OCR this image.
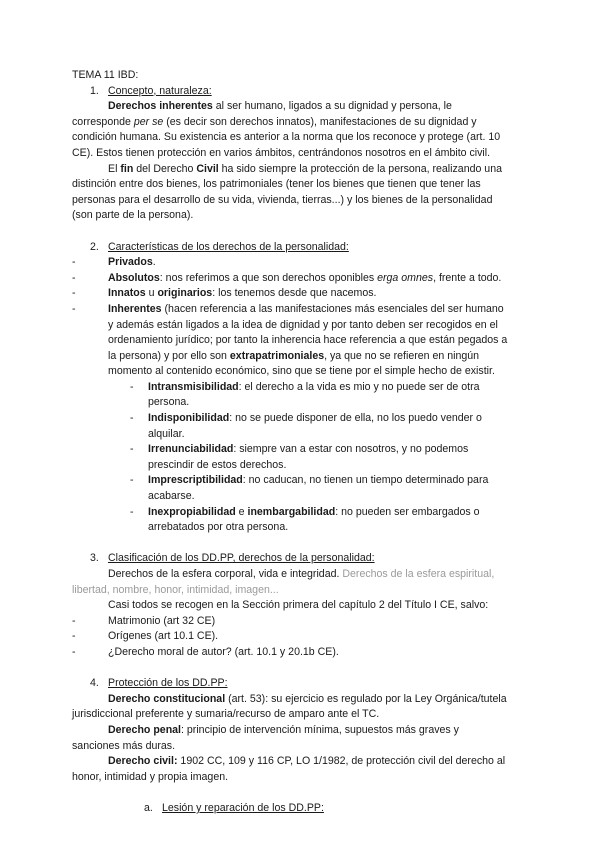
TEMA 11 IBD:
1. Concepto, naturaleza:
Derechos inherentes al ser humano, ligados a su dignidad y persona, le
corresponde per se (es decir son derechos innatos), manifestaciones de su dignidad y
condición humana. Su existencia es anterior a la norma que los reconoce y protege (art. 10
CE). Estos tienen protección en varios ámbitos, centrándonos nosotros en el ámbito civil.
El fin del Derecho Civil ha sido siempre la protección de la persona, realizando una
distinción entre dos bienes, los patrimoniales (tener los bienes que tienen que tener las
personas para el desarrollo de su vida, vivienda, tierras...) y los bienes de la personalidad
(son parte de la persona).
2. Características de los derechos de la personalidad:
-	Privados.
-	Absolutos: nos referimos a que son derechos oponibles erga omnes, frente a todo.
-	Innatos u originarios: los tenemos desde que nacemos.
-	Inherentes (hacen referencia a las manifestaciones más esenciales del ser humano
y además están ligados a la idea de dignidad y por tanto deben ser recogidos en el
ordenamiento jurídico; por tanto la inherencia hace referencia a que están pegados a
la persona) y por ello son extrapatrimoniales, ya que no se refieren en ningún
momento al contenido económico, sino que se tiene por el simple hecho de existir.
- Intransmisibilidad: el derecho a la vida es mio y no puede ser de otra
persona.
- Indisponibilidad: no se puede disponer de ella, no los puedo vender o
alquilar.
- Irrenunciabilidad: siempre van a estar con nosotros, y no podemos
prescindir de estos derechos.
- Imprescriptibilidad: no caducan, no tienen un tiempo determinado para
acabarse.
- Inexpropiabilidad e inembargabilidad: no pueden ser embargados o
arrebatados por otra persona.
3. Clasificación de los DD.PP, derechos de la personalidad:
Derechos de la esfera corporal, vida e integridad. Derechos de la esfera espiritual,
libertad, nombre, honor, intimidad, imagen...
Casi todos se recogen en la Sección primera del capítulo 2 del Título I CE, salvo:
-	Matrimonio (art 32 CE)
-	Orígenes (art 10.1 CE).
-	¿Derecho moral de autor? (art. 10.1 y 20.1b CE).
4. Protección de los DD.PP:
Derecho constitucional (art. 53): su ejercicio es regulado por la Ley Orgánica/tutela
jurisdiccional preferente y sumaria/recurso de amparo ante el TC.
Derecho penal: principio de intervención mínima, supuestos más graves y
sanciones más duras.
Derecho civil: 1902 CC, 109 y 116 CP, LO 1/1982, de protección civil del derecho al
honor, intimidad y propia imagen.
a. Lesión y reparación de los DD.PP:
